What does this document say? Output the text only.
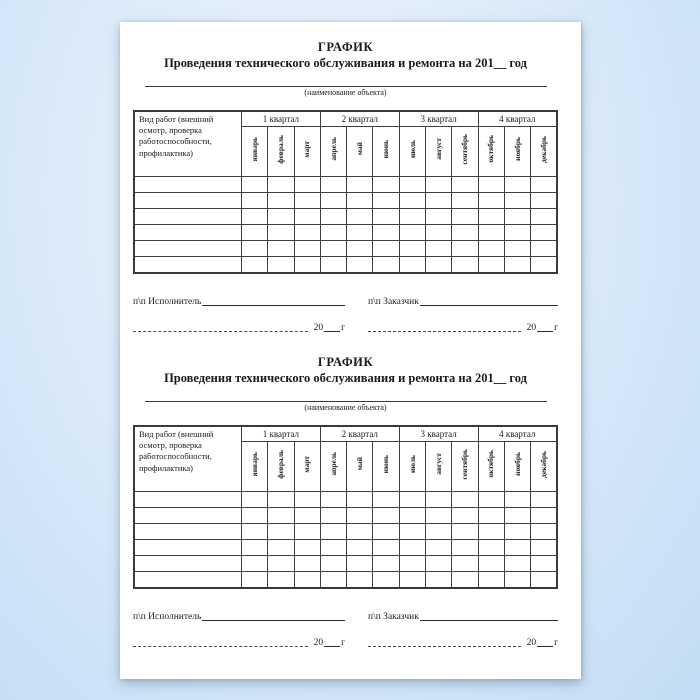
ГРАФИК
Проведения технического обслуживания и ремонта на 201__ год
(наименование объекта)
Вид работ (внешний осмотр, проверка работоспособности, профилактика)	1 квартал			2 квартал			3 квартал			4 квартал		
	январь	февраль	март	апрель	май	июнь	июль	август	сентябрь	октябрь	ноябрь	декабрь

п\п Исполнитель	п\п Заказчик
20 г	20 г
ГРАФИК
Проведения технического обслуживания и ремонта на 201__ год
(наименование объекта)
Вид работ (внешний осмотр, проверка работоспособности, профилактика)	1 квартал			2 квартал			3 квартал			4 квартал		
	январь	февраль	март	апрель	май	июнь	июль	август	сентябрь	октябрь	ноябрь	декабрь

п\п Исполнитель	п\п Заказчик
20 г	20 г
